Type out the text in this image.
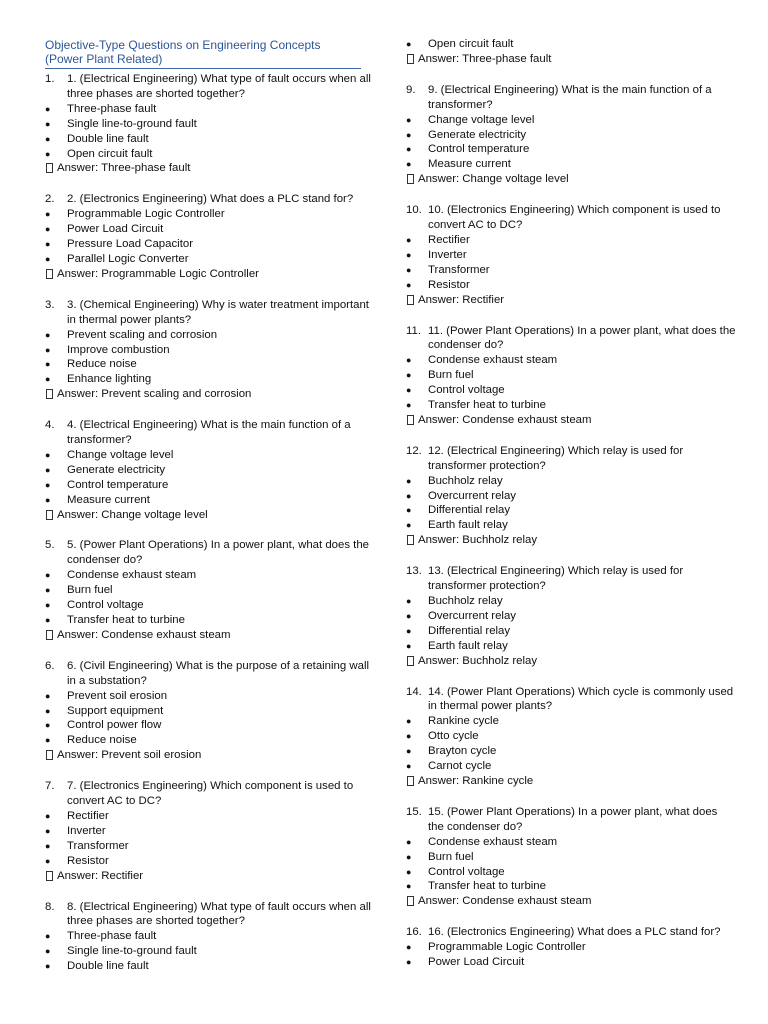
Objective-Type Questions on Engineering Concepts (Power Plant Related)
1.	1. (Electrical Engineering) What type of fault occurs when all three phases are shorted together?
●	Three-phase fault
●	Single line-to-ground fault
●	Double line fault
●	Open circuit fault
Answer: Three-phase fault
2.	2. (Electronics Engineering) What does a PLC stand for?
●	Programmable Logic Controller
●	Power Load Circuit
●	Pressure Load Capacitor
●	Parallel Logic Converter
Answer: Programmable Logic Controller
3.	3. (Chemical Engineering) Why is water treatment important in thermal power plants?
●	Prevent scaling and corrosion
●	Improve combustion
●	Reduce noise
●	Enhance lighting
Answer: Prevent scaling and corrosion
4.	4. (Electrical Engineering) What is the main function of a transformer?
●	Change voltage level
●	Generate electricity
●	Control temperature
●	Measure current
Answer: Change voltage level
5.	5. (Power Plant Operations) In a power plant, what does the condenser do?
●	Condense exhaust steam
●	Burn fuel
●	Control voltage
●	Transfer heat to turbine
Answer: Condense exhaust steam
6.	6. (Civil Engineering) What is the purpose of a retaining wall in a substation?
●	Prevent soil erosion
●	Support equipment
●	Control power flow
●	Reduce noise
Answer: Prevent soil erosion
7.	7. (Electronics Engineering) Which component is used to convert AC to DC?
●	Rectifier
●	Inverter
●	Transformer
●	Resistor
Answer: Rectifier
8.	8. (Electrical Engineering) What type of fault occurs when all three phases are shorted together?
●	Three-phase fault
●	Single line-to-ground fault
●	Double line fault
●	Open circuit fault
Answer: Three-phase fault
9.	9. (Electrical Engineering) What is the main function of a transformer?
●	Change voltage level
●	Generate electricity
●	Control temperature
●	Measure current
Answer: Change voltage level
10. 10. (Electronics Engineering) Which component is used to convert AC to DC?
●	Rectifier
●	Inverter
●	Transformer
●	Resistor
Answer: Rectifier
11. 11. (Power Plant Operations) In a power plant, what does the condenser do?
●	Condense exhaust steam
●	Burn fuel
●	Control voltage
●	Transfer heat to turbine
Answer: Condense exhaust steam
12. 12. (Electrical Engineering) Which relay is used for transformer protection?
●	Buchholz relay
●	Overcurrent relay
●	Differential relay
●	Earth fault relay
Answer: Buchholz relay
13. 13. (Electrical Engineering) Which relay is used for transformer protection?
●	Buchholz relay
●	Overcurrent relay
●	Differential relay
●	Earth fault relay
Answer: Buchholz relay
14. 14. (Power Plant Operations) Which cycle is commonly used in thermal power plants?
●	Rankine cycle
●	Otto cycle
●	Brayton cycle
●	Carnot cycle
Answer: Rankine cycle
15. 15. (Power Plant Operations) In a power plant, what does the condenser do?
●	Condense exhaust steam
●	Burn fuel
●	Control voltage
●	Transfer heat to turbine
Answer: Condense exhaust steam
16. 16. (Electronics Engineering) What does a PLC stand for?
●	Programmable Logic Controller
●	Power Load Circuit
